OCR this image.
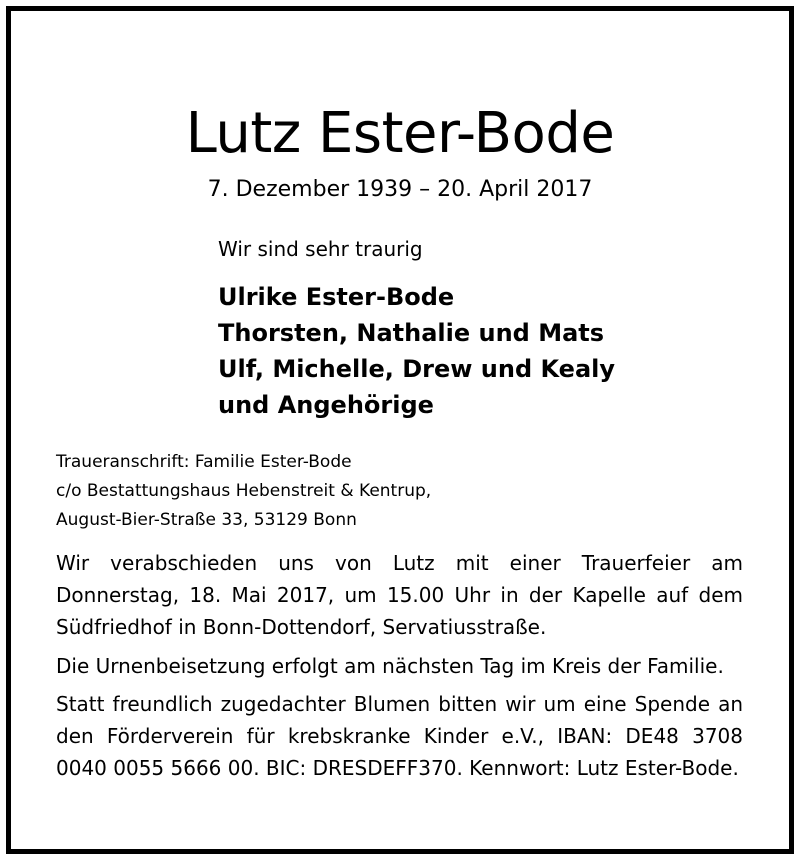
Lutz Ester-Bode
7. Dezember 1939 – 20. April 2017
Wir sind sehr traurig
Ulrike Ester-Bode
Thorsten, Nathalie und Mats
Ulf, Michelle, Drew und Kealy
und Angehörige
Traueranschrift: Familie Ester-Bode
c/o Bestattungshaus Hebenstreit & Kentrup,
August-Bier-Straße 33, 53129 Bonn
Wir verabschieden uns von Lutz mit einer Trauerfeier am Donnerstag, 18. Mai 2017, um 15.00 Uhr in der Kapelle auf dem Südfriedhof in Bonn-Dottendorf, Servatiusstraße.
Die Urnenbeisetzung erfolgt am nächsten Tag im Kreis der Familie.
Statt freundlich zugedachter Blumen bitten wir um eine Spende an den Förderverein für krebskranke Kinder e.V., IBAN: DE48 3708 0040 0055 5666 00. BIC: DRESDEFF370. Kennwort: Lutz Ester-Bode.
